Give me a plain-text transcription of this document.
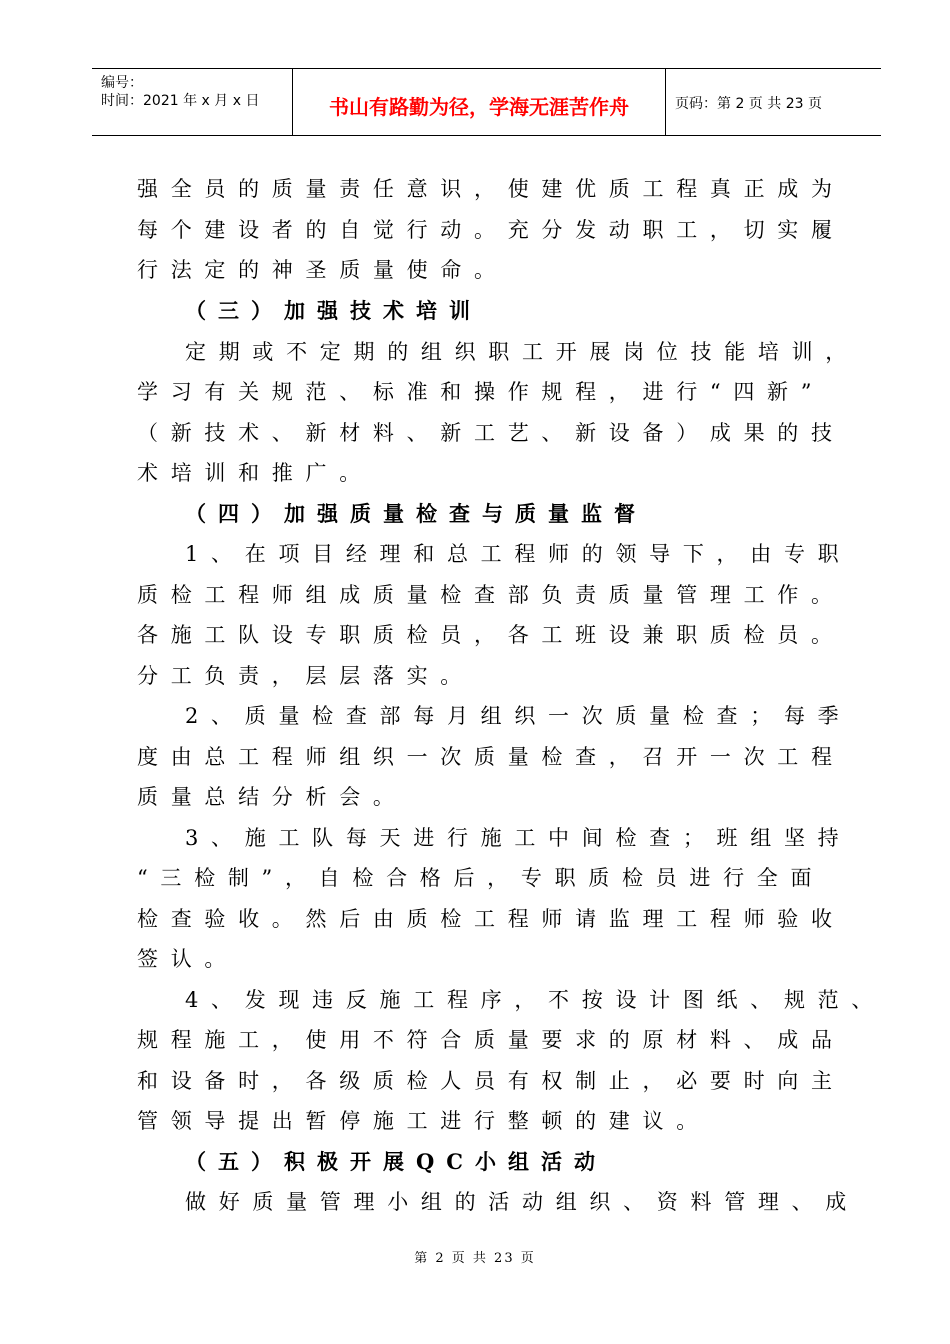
编号：
时间：2021 年 x 月 x 日	书山有路勤为径，学海无涯苦作舟	页码：第 2 页 共 23 页
强全员的质量责任意识，使建优质工程真正成为
每个建设者的自觉行动。充分发动职工，切实履
行法定的神圣质量使命。
（三）加强技术培训
定期或不定期的组织职工开展岗位技能培训，
学习有关规范、标准和操作规程，进行“四新”
（新技术、新材料、新工艺、新设备）成果的技
术培训和推广。
（四）加强质量检查与质量监督
1、在项目经理和总工程师的领导下，由专职
质检工程师组成质量检查部负责质量管理工作。
各施工队设专职质检员，各工班设兼职质检员。
分工负责，层层落实。
2、质量检查部每月组织一次质量检查；每季
度由总工程师组织一次质量检查，召开一次工程
质量总结分析会。
3、施工队每天进行施工中间检查；班组坚持
“三检制”，自检合格后，专职质检员进行全面
检查验收。然后由质检工程师请监理工程师验收
签认。
4、发现违反施工程序，不按设计图纸、规范、
规程施工，使用不符合质量要求的原材料、成品
和设备时，各级质检人员有权制止，必要时向主
管领导提出暂停施工进行整顿的建议。
（五）积极开展QC小组活动
做好质量管理小组的活动组织、资料管理、成
第 2 页 共 23 页
